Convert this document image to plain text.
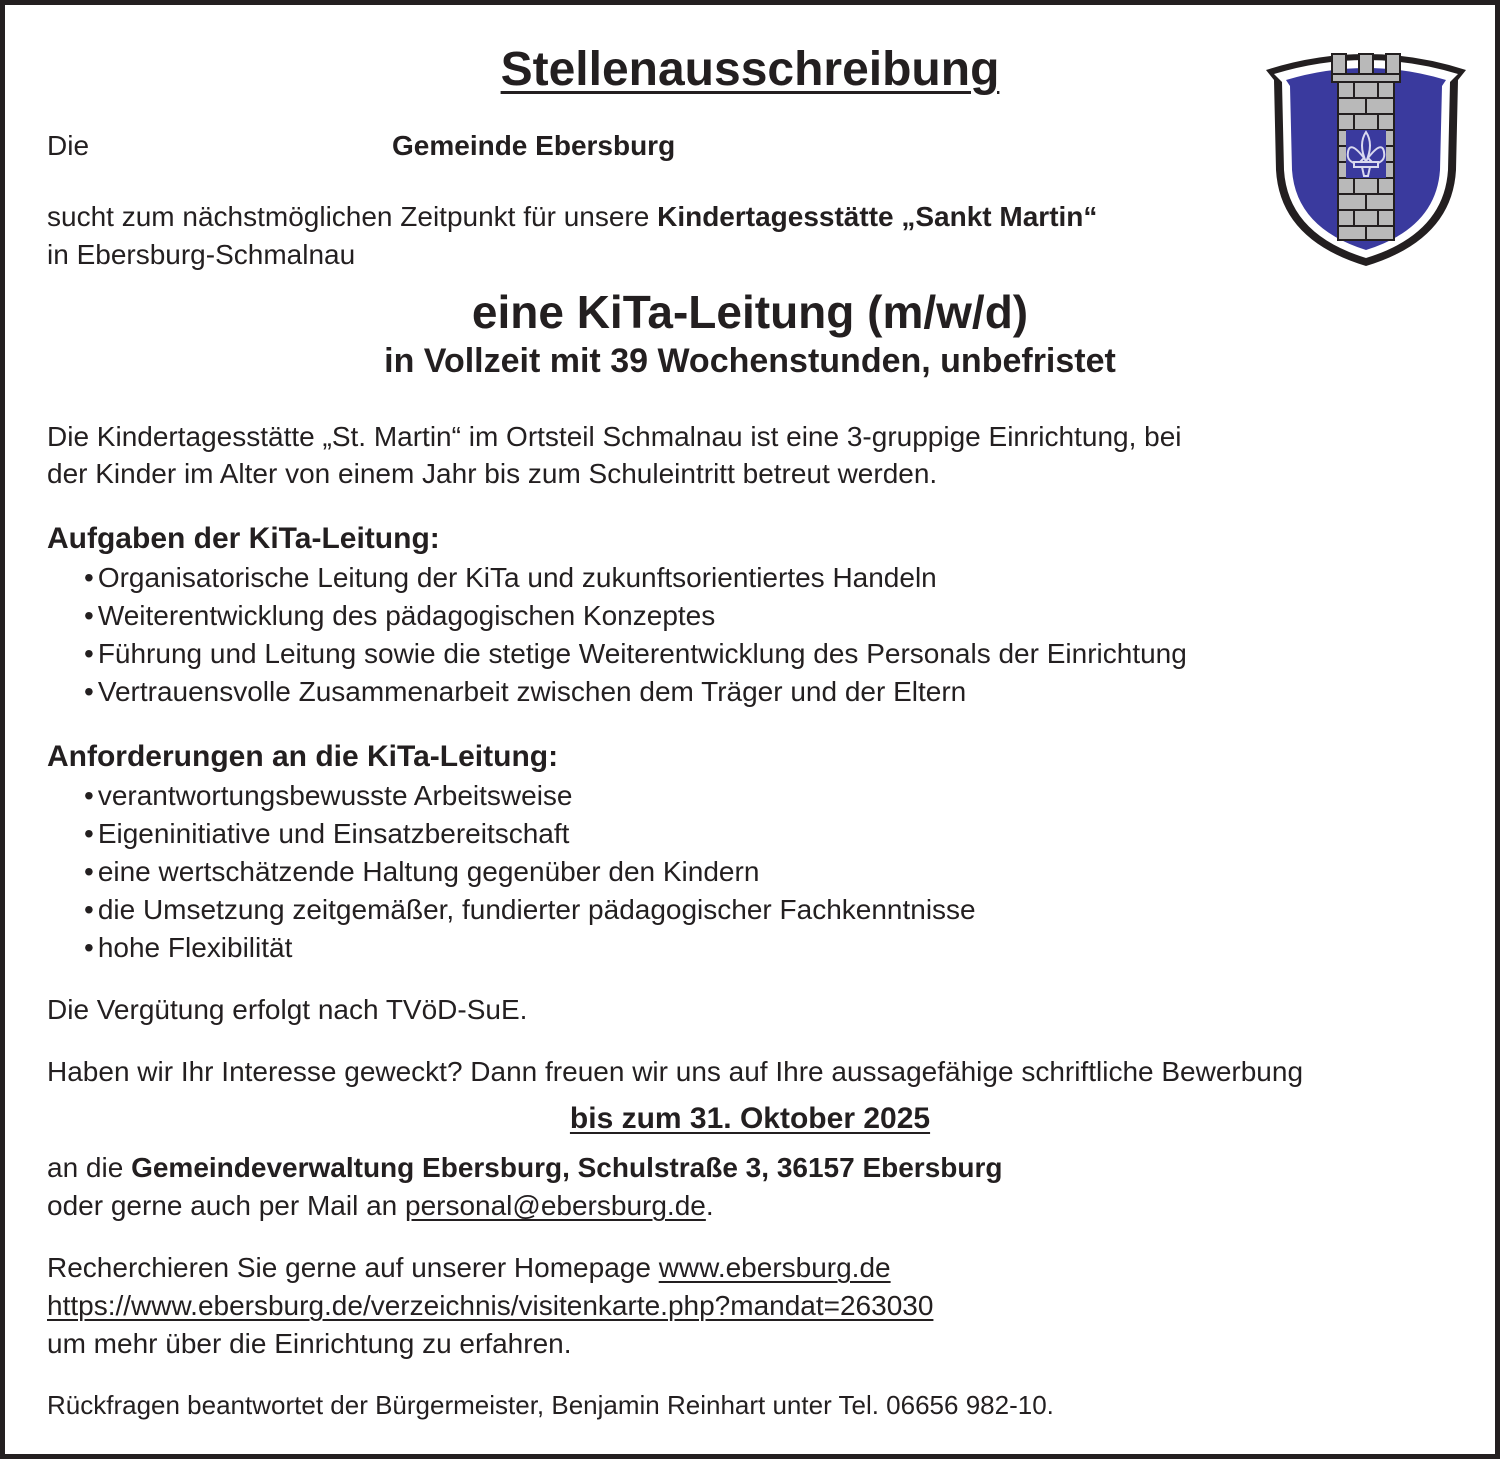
Stellenausschreibung
Die	Gemeinde Ebersburg
sucht zum nächstmöglichen Zeitpunkt für unsere Kindertagesstätte „Sankt Martin“
in Ebersburg-Schmalnau
eine KiTa-Leitung (m/w/d)
in Vollzeit mit 39 Wochenstunden, unbefristet
Die Kindertagesstätte „St. Martin“ im Ortsteil Schmalnau ist eine 3-gruppige Einrichtung, bei
der Kinder im Alter von einem Jahr bis zum Schuleintritt betreut werden.
Aufgaben der KiTa-Leitung:
• Organisatorische Leitung der KiTa und zukunftsorientiertes Handeln
• Weiterentwicklung des pädagogischen Konzeptes
• Führung und Leitung sowie die stetige Weiterentwicklung des Personals der Einrichtung
• Vertrauensvolle Zusammenarbeit zwischen dem Träger und der Eltern
Anforderungen an die KiTa-Leitung:
• verantwortungsbewusste Arbeitsweise
• Eigeninitiative und Einsatzbereitschaft
• eine wertschätzende Haltung gegenüber den Kindern
• die Umsetzung zeitgemäßer, fundierter pädagogischer Fachkenntnisse
• hohe Flexibilität
Die Vergütung erfolgt nach TVöD-SuE.
Haben wir Ihr Interesse geweckt? Dann freuen wir uns auf Ihre aussagefähige schriftliche Bewerbung
bis zum 31. Oktober 2025
an die Gemeindeverwaltung Ebersburg, Schulstraße 3, 36157 Ebersburg
oder gerne auch per Mail an personal@ebersburg.de.
Recherchieren Sie gerne auf unserer Homepage www.ebersburg.de
https://www.ebersburg.de/verzeichnis/visitenkarte.php?mandat=263030
um mehr über die Einrichtung zu erfahren.
Rückfragen beantwortet der Bürgermeister, Benjamin Reinhart unter Tel. 06656 982-10.
